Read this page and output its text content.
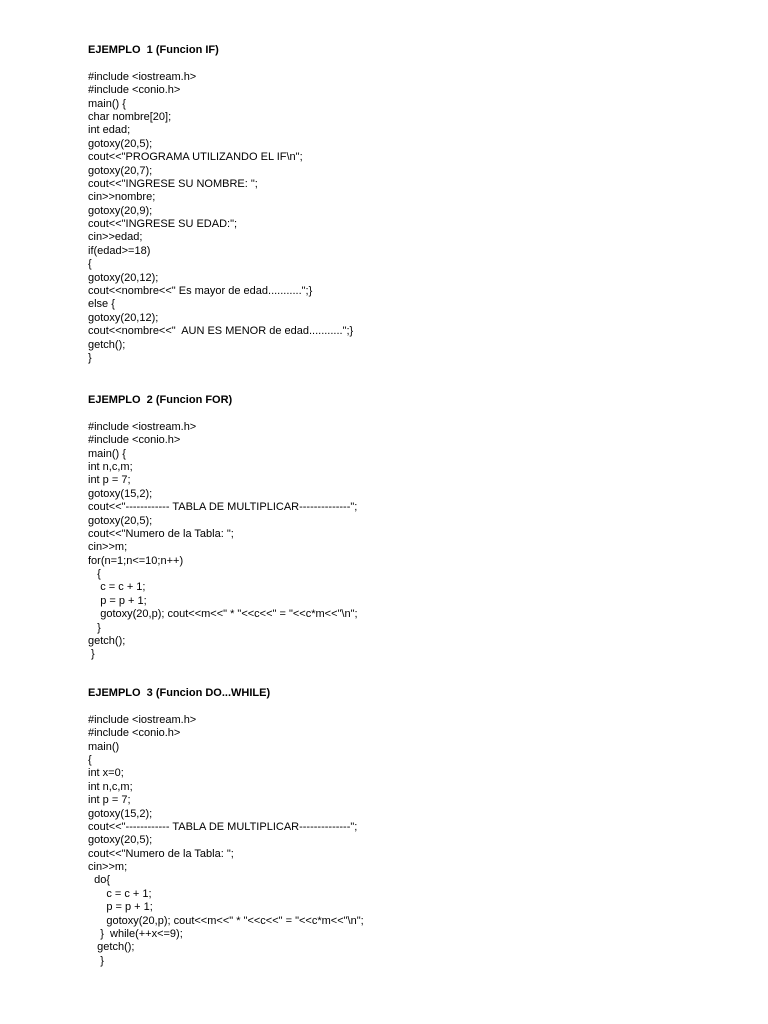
EJEMPLO  1 (Funcion IF)
#include <iostream.h>
#include <conio.h>
main() {
char nombre[20];
int edad;
gotoxy(20,5);
cout<<"PROGRAMA UTILIZANDO EL IF\n";
gotoxy(20,7);
cout<<"INGRESE SU NOMBRE: ";
cin>>nombre;
gotoxy(20,9);
cout<<"INGRESE SU EDAD:";
cin>>edad;
if(edad>=18)
{
gotoxy(20,12);
cout<<nombre<<" Es mayor de edad...........";}
else {
gotoxy(20,12);
cout<<nombre<<"  AUN ES MENOR de edad...........";}
getch();
}
EJEMPLO  2 (Funcion FOR)
#include <iostream.h>
#include <conio.h>
main() {
int n,c,m;
int p = 7;
gotoxy(15,2);
cout<<"------------ TABLA DE MULTIPLICAR--------------";
gotoxy(20,5);
cout<<"Numero de la Tabla: ";
cin>>m;
for(n=1;n<=10;n++)
{
c = c + 1;
p = p + 1;
gotoxy(20,p); cout<<m<<" * "<<c<<" = "<<c*m<<"\n";
}
getch();
}
EJEMPLO  3 (Funcion DO...WHILE)
#include <iostream.h>
#include <conio.h>
main()
{
int x=0;
int n,c,m;
int p = 7;
gotoxy(15,2);
cout<<"------------ TABLA DE MULTIPLICAR--------------";
gotoxy(20,5);
cout<<"Numero de la Tabla: ";
cin>>m;
do{
c = c + 1;
p = p + 1;
gotoxy(20,p); cout<<m<<" * "<<c<<" = "<<c*m<<"\n";
}  while(++x<=9);
getch();
}
